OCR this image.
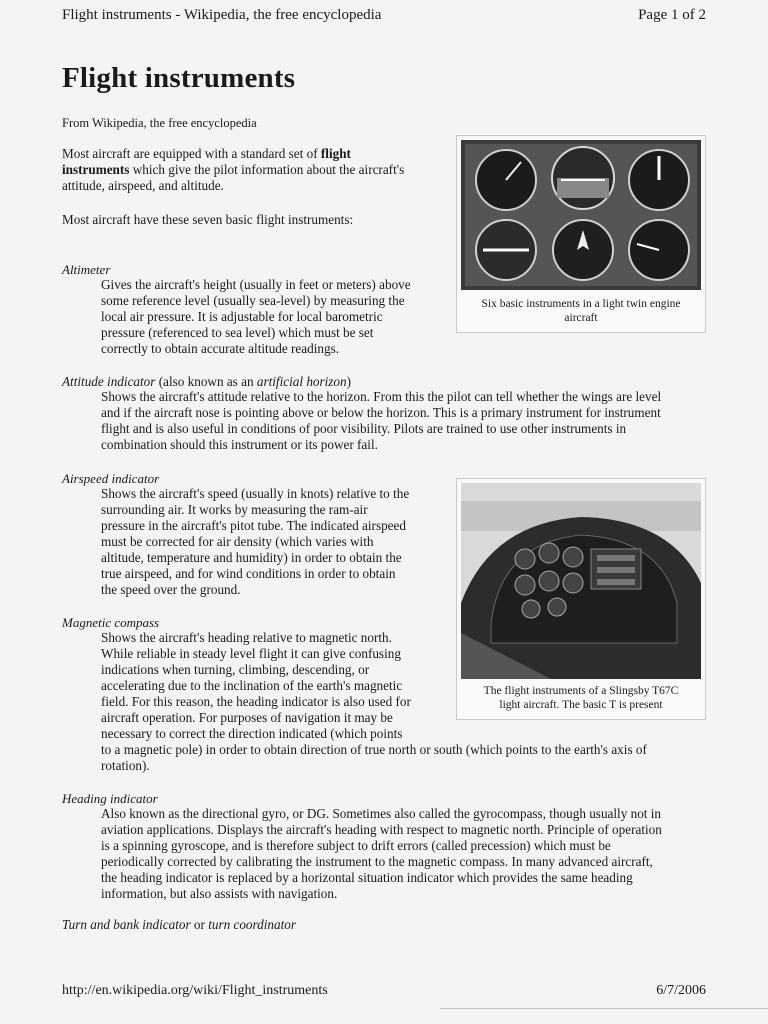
Flight instruments - Wikipedia, the free encyclopedia	Page 1 of 2
Flight instruments
From Wikipedia, the free encyclopedia
Most aircraft are equipped with a standard set of flight
instruments which give the pilot information about the aircraft's
attitude, airspeed, and altitude.
Most aircraft have these seven basic flight instruments:
Altimeter
Gives the aircraft's height (usually in feet or meters) above
some reference level (usually sea-level) by measuring the
local air pressure. It is adjustable for local barometric
pressure (referenced to sea level) which must be set
correctly to obtain accurate altitude readings.
Attitude indicator (also known as an artificial horizon)
Shows the aircraft's attitude relative to the horizon. From this the pilot can tell whether the wings are level
and if the aircraft nose is pointing above or below the horizon. This is a primary instrument for instrument
flight and is also useful in conditions of poor visibility. Pilots are trained to use other instruments in
combination should this instrument or its power fail.
Airspeed indicator
Shows the aircraft's speed (usually in knots) relative to the
surrounding air. It works by measuring the ram-air
pressure in the aircraft's pitot tube. The indicated airspeed
must be corrected for air density (which varies with
altitude, temperature and humidity) in order to obtain the
true airspeed, and for wind conditions in order to obtain
the speed over the ground.
Magnetic compass
Shows the aircraft's heading relative to magnetic north.
While reliable in steady level flight it can give confusing
indications when turning, climbing, descending, or
accelerating due to the inclination of the earth's magnetic
field. For this reason, the heading indicator is also used for
aircraft operation. For purposes of navigation it may be
necessary to correct the direction indicated (which points
to a magnetic pole) in order to obtain direction of true north or south (which points to the earth's axis of
rotation).
Heading indicator
Also known as the directional gyro, or DG. Sometimes also called the gyrocompass, though usually not in
aviation applications. Displays the aircraft's heading with respect to magnetic north. Principle of operation
is a spinning gyroscope, and is therefore subject to drift errors (called precession) which must be
periodically corrected by calibrating the instrument to the magnetic compass. In many advanced aircraft,
the heading indicator is replaced by a horizontal situation indicator which provides the same heading
information, but also assists with navigation.
Turn and bank indicator or turn coordinator
Six basic instruments in a light twin engine
aircraft
The flight instruments of a Slingsby T67C
light aircraft. The basic T is present
http://en.wikipedia.org/wiki/Flight_instruments	6/7/2006
